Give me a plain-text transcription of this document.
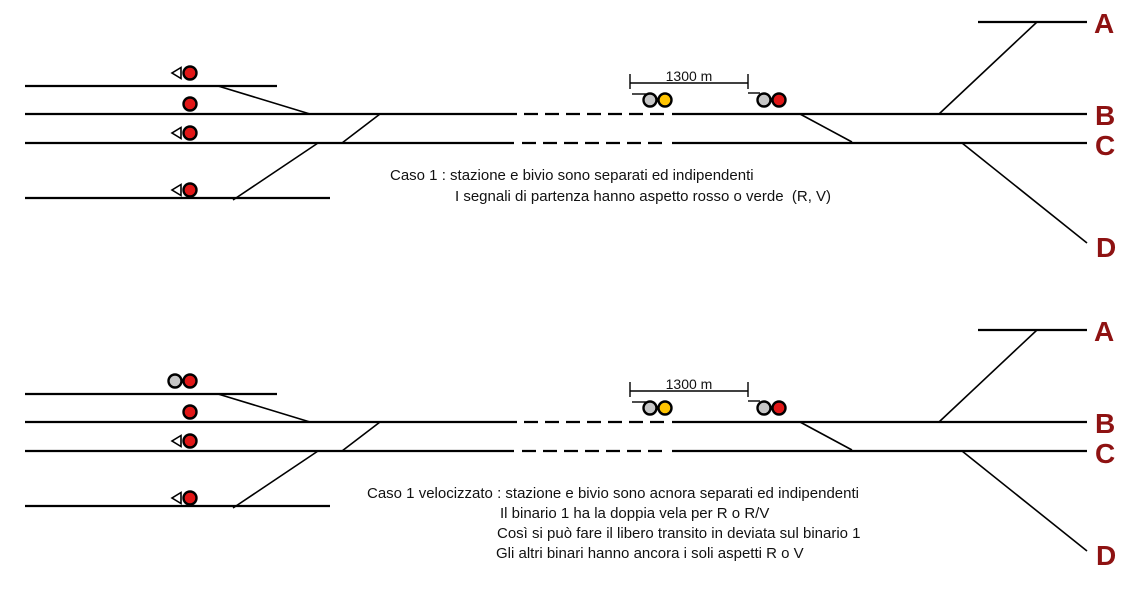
1300 m
A
B
C
D
Caso 1 : stazione e bivio sono separati ed indipendenti
I segnali di partenza hanno aspetto rosso o verde  (R, V)
1300 m
A
B
C
D
Caso 1 velocizzato : stazione e bivio sono acnora separati ed indipendenti
Il binario 1 ha la doppia vela per R o R/V
Così si può fare il libero transito in deviata sul binario 1
Gli altri binari hanno ancora i soli aspetti R o V
